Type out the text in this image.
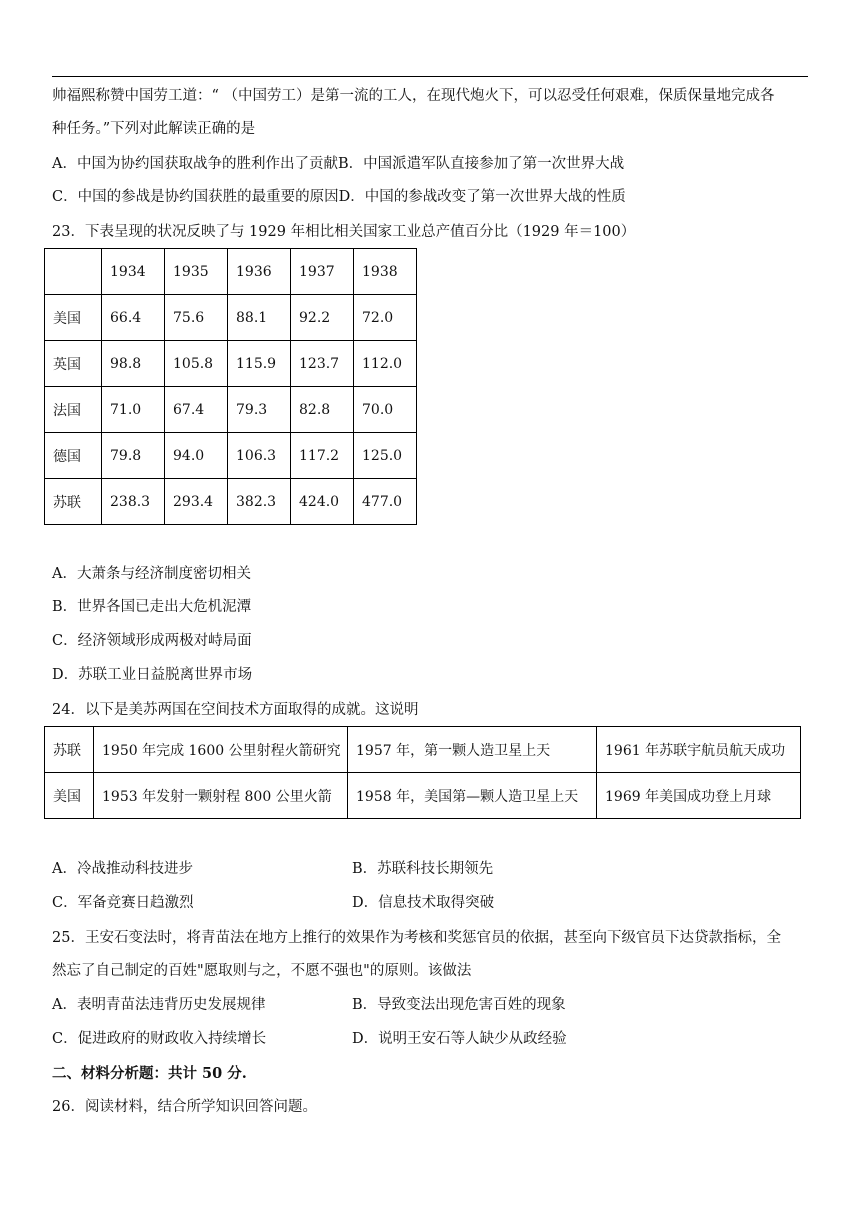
帅福熙称赞中国劳工道：“ （中国劳工）是第一流的工人，在现代炮火下，可以忍受任何艰难，保质保量地完成各
种任务。”下列对此解读正确的是
A．中国为协约国获取战争的胜利作出了贡献B．中国派遣军队直接参加了第一次世界大战
C．中国的参战是协约国获胜的最重要的原因D．中国的参战改变了第一次世界大战的性质
23．下表呈现的状况反映了与 1929 年相比相关国家工业总产值百分比（1929 年＝100）
	1934	1935	1936	1937	1938
美国	66.4	75.6	88.1	92.2	72.0
英国	98.8	105.8	115.9	123.7	112.0
法国	71.0	67.4	79.3	82.8	70.0
德国	79.8	94.0	106.3	117.2	125.0
苏联	238.3	293.4	382.3	424.0	477.0
A．大萧条与经济制度密切相关
B．世界各国已走出大危机泥潭
C．经济领域形成两极对峙局面
D．苏联工业日益脱离世界市场
24．以下是美苏两国在空间技术方面取得的成就。这说明
苏联	1950 年完成 1600 公里射程火箭研究	1957 年，第一颗人造卫星上天	1961 年苏联宇航员航天成功
美国	1953 年发射一颗射程 800 公里火箭	1958 年，美国第—颗人造卫星上天	1969 年美国成功登上月球
A．冷战推动科技进步	B．苏联科技长期领先
C．军备竞赛日趋激烈	D．信息技术取得突破
25．王安石变法时，将青苗法在地方上推行的效果作为考核和奖惩官员的依据，甚至向下级官员下达贷款指标，全
然忘了自己制定的百姓"愿取则与之，不愿不强也"的原则。该做法
A．表明青苗法违背历史发展规律	B．导致变法出现危害百姓的现象
C．促进政府的财政收入持续增长	D．说明王安石等人缺少从政经验
二、材料分析题：共计 50 分.
26．阅读材料，结合所学知识回答问题。
